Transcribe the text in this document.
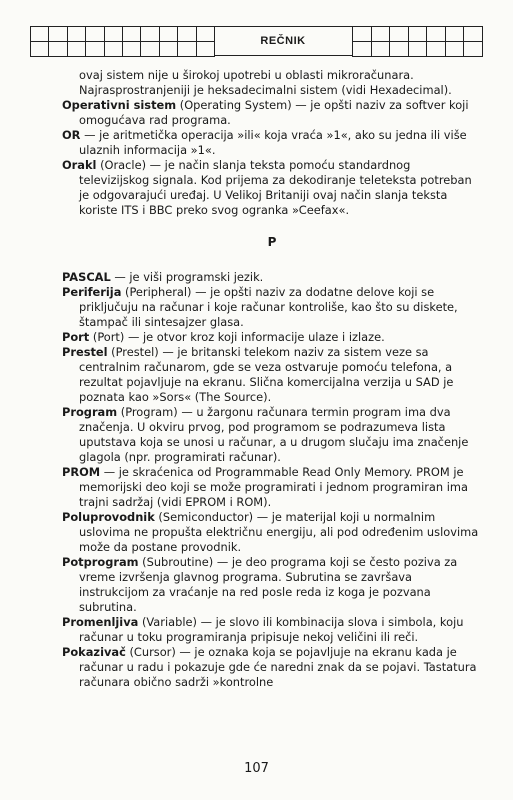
REČNIK

ovaj sistem nije u širokoj upotrebi u oblasti mikroračunara. Najrasprostranjeniji je heksadecimalni sistem (vidi Hexadecimal).

Operativni sistem (Operating System) — je opšti naziv za softver koji omogućava rad programa.

OR — je aritmetička operacija »ili« koja vraća »1«, ako su jedna ili više ulaznih informacija »1«.

Orakl (Oracle) — je način slanja teksta pomoću standardnog televizijskog signala. Kod prijema za dekodiranje teleteksta potreban je odgovarajući uređaj. U Velikoj Britaniji ovaj način slanja teksta koriste ITS i BBC preko svog ogranka »Ceefax«.

P

PASCAL — je viši programski jezik.

Periferija (Peripheral) — je opšti naziv za dodatne delove koji se priključuju na računar i koje računar kontroliše, kao što su diskete, štampač ili sintesajzer glasa.

Port (Port) — je otvor kroz koji informacije ulaze i izlaze.

Prestel (Prestel) — je britanski telekom naziv za sistem veze sa centralnim računarom, gde se veza ostvaruje pomoću telefona, a rezultat pojavljuje na ekranu. Slična komercijalna verzija u SAD je poznata kao »Sors« (The Source).

Program (Program) — u žargonu računara termin program ima dva značenja. U okviru prvog, pod programom se podrazumeva lista uputstava koja se unosi u računar, a u drugom slučaju ima značenje glagola (npr. programirati računar).

PROM — je skraćenica od Programmable Read Only Memory. PROM je memorijski deo koji se može programirati i jednom programiran ima trajni sadržaj (vidi EPROM i ROM).

Poluprovodnik (Semiconductor) — je materijal koji u normalnim uslovima ne propušta električnu energiju, ali pod određenim uslovima može da postane provodnik.

Potprogram (Subroutine) — je deo programa koji se često poziva za vreme izvršenja glavnog programa. Subrutina se završava instrukcijom za vraćanje na red posle reda iz koga je pozvana subrutina.

Promenljiva (Variable) — je slovo ili kombinacija slova i simbola, koju računar u toku programiranja pripisuje nekoj veličini ili reči.

Pokazivač (Cursor) — je oznaka koja se pojavljuje na ekranu kada je računar u radu i pokazuje gde će naredni znak da se pojavi. Tastatura računara obično sadrži »kontrolne

107
